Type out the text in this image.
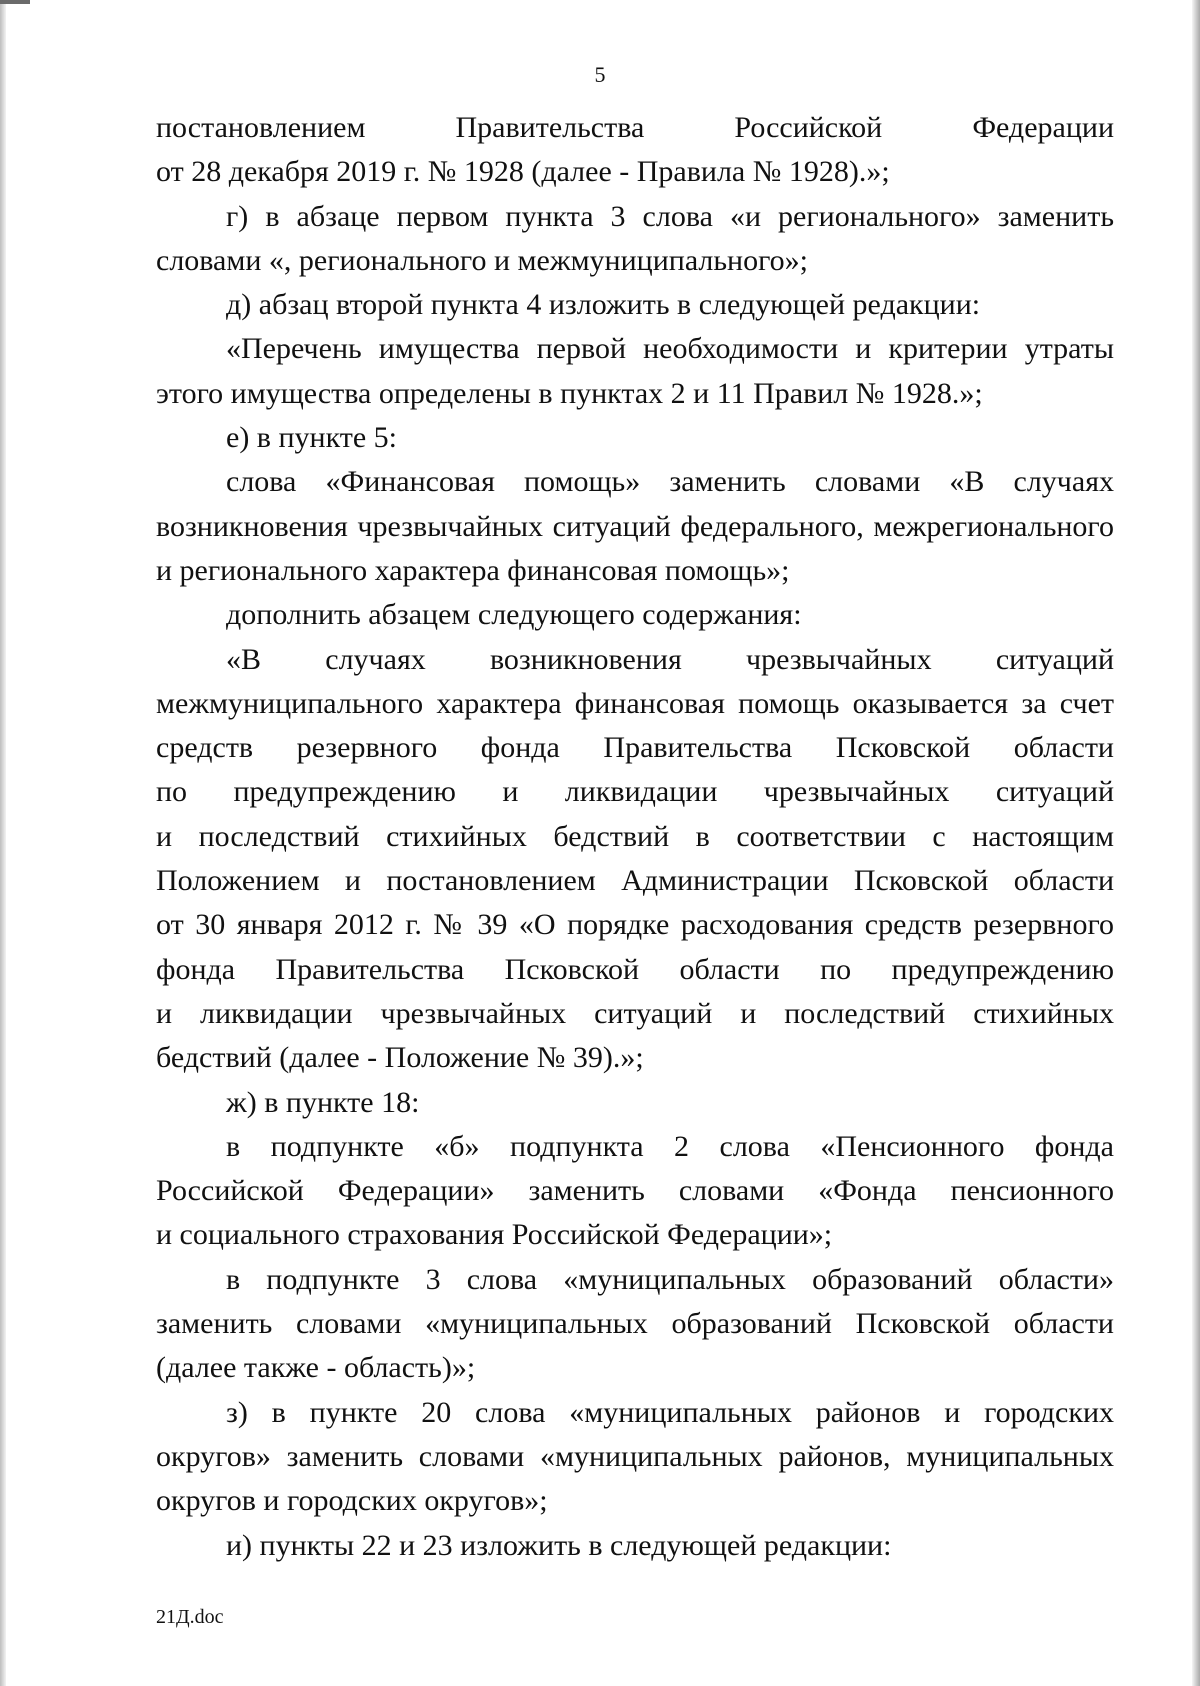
5
постановлением Правительства Российской Федерации
от 28 декабря 2019 г. № 1928 (далее - Правила № 1928).»;
г) в абзаце первом пункта 3 слова «и регионального» заменить
словами «, регионального и межмуниципального»;
д) абзац второй пункта 4 изложить в следующей редакции:
«Перечень имущества первой необходимости и критерии утраты
этого имущества определены в пунктах 2 и 11 Правил № 1928.»;
е) в пункте 5:
слова «Финансовая помощь» заменить словами «В случаях
возникновения чрезвычайных ситуаций федерального, межрегионального
и регионального характера финансовая помощь»;
дополнить абзацем следующего содержания:
«В случаях возникновения чрезвычайных ситуаций
межмуниципального характера финансовая помощь оказывается за счет
средств резервного фонда Правительства Псковской области
по предупреждению и ликвидации чрезвычайных ситуаций
и последствий стихийных бедствий в соответствии с настоящим
Положением и постановлением Администрации Псковской области
от 30 января 2012 г. № 39 «О порядке расходования средств резервного
фонда Правительства Псковской области по предупреждению
и ликвидации чрезвычайных ситуаций и последствий стихийных
бедствий (далее - Положение № 39).»;
ж) в пункте 18:
в подпункте «б» подпункта 2 слова «Пенсионного фонда
Российской Федерации» заменить словами «Фонда пенсионного
и социального страхования Российской Федерации»;
в подпункте 3 слова «муниципальных образований области»
заменить словами «муниципальных образований Псковской области
(далее также - область)»;
з) в пункте 20 слова «муниципальных районов и городских
округов» заменить словами «муниципальных районов, муниципальных
округов и городских округов»;
и) пункты 22 и 23 изложить в следующей редакции:
21Д.doc
